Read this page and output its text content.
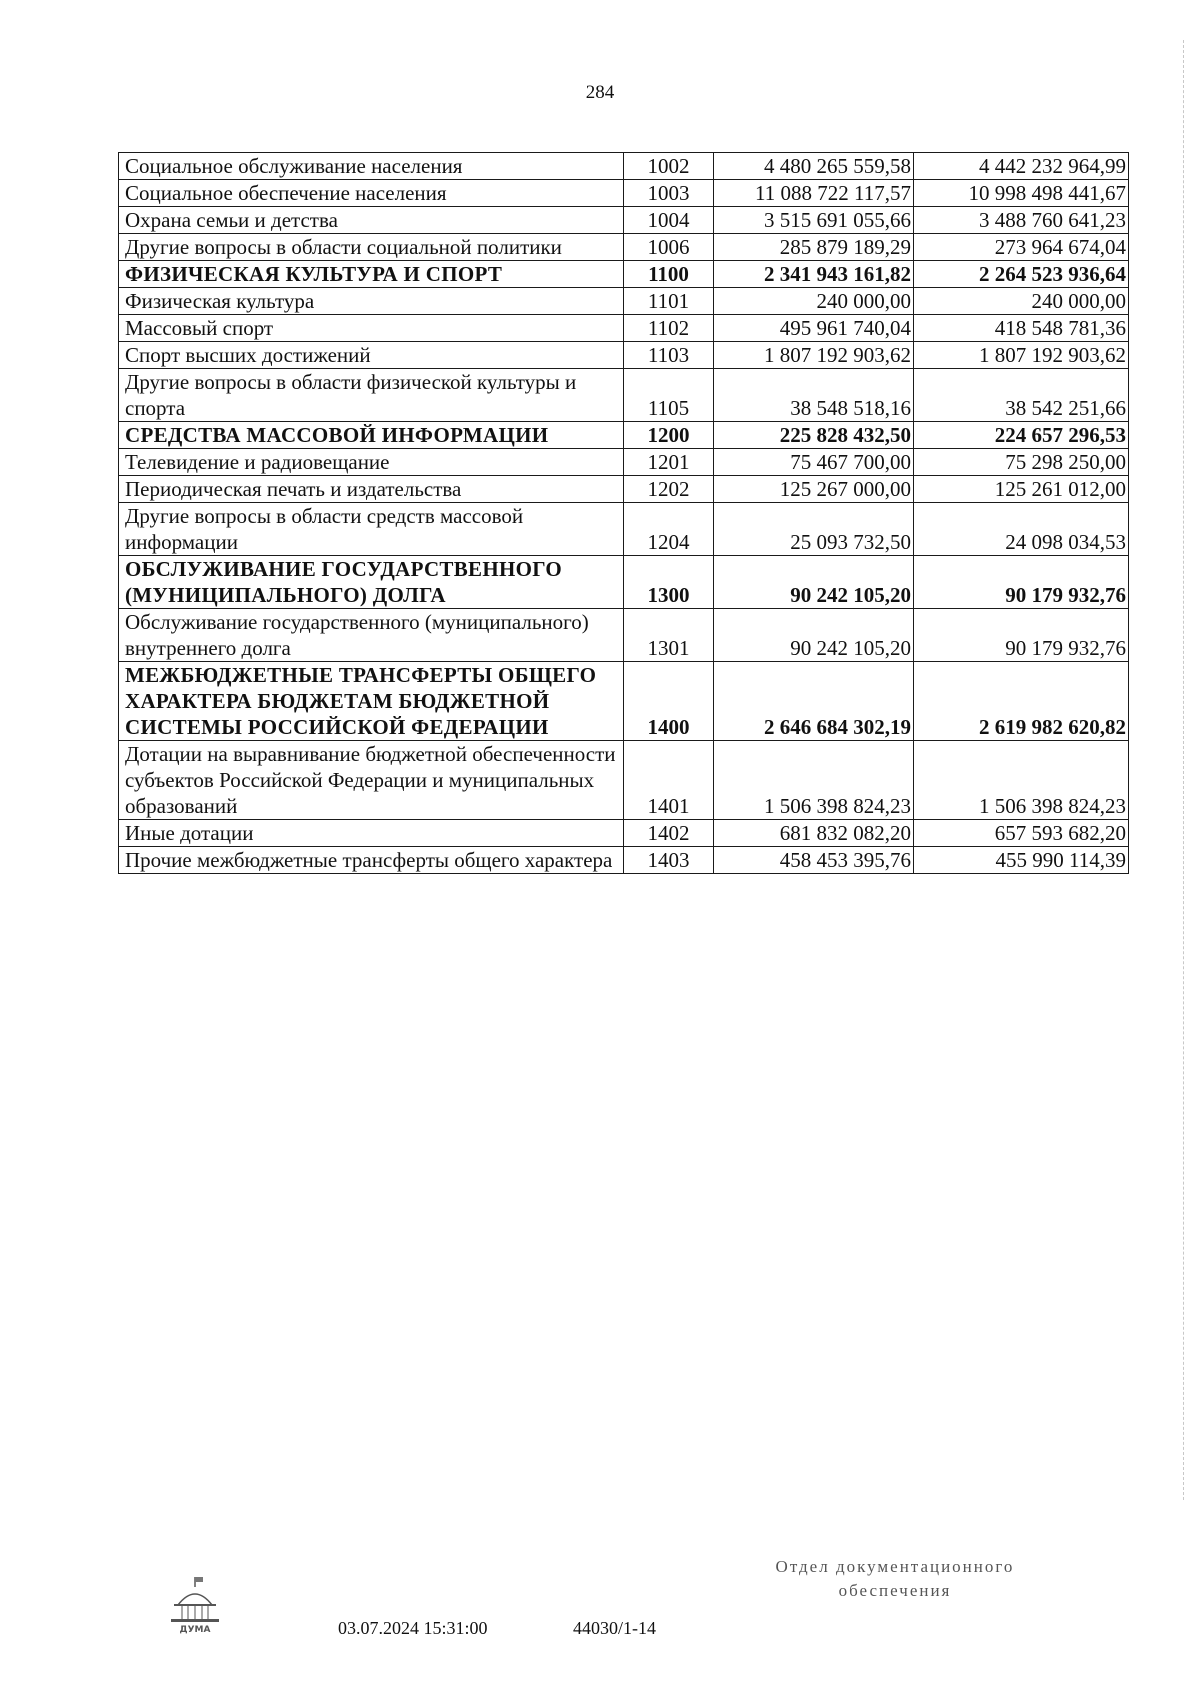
284
Социальное обслуживание населения	1002	4 480 265 559,58	4 442 232 964,99
Социальное обеспечение населения	1003	11 088 722 117,57	10 998 498 441,67
Охрана семьи и детства	1004	3 515 691 055,66	3 488 760 641,23
Другие вопросы в области социальной политики	1006	285 879 189,29	273 964 674,04
ФИЗИЧЕСКАЯ КУЛЬТУРА И СПОРТ	1100	2 341 943 161,82	2 264 523 936,64
Физическая культура	1101	240 000,00	240 000,00
Массовый спорт	1102	495 961 740,04	418 548 781,36
Спорт высших достижений	1103	1 807 192 903,62	1 807 192 903,62
Другие вопросы в области физической культуры и спорта	1105	38 548 518,16	38 542 251,66
СРЕДСТВА МАССОВОЙ ИНФОРМАЦИИ	1200	225 828 432,50	224 657 296,53
Телевидение и радиовещание	1201	75 467 700,00	75 298 250,00
Периодическая печать и издательства	1202	125 267 000,00	125 261 012,00
Другие вопросы в области средств массовой информации	1204	25 093 732,50	24 098 034,53
ОБСЛУЖИВАНИЕ ГОСУДАРСТВЕННОГО (МУНИЦИПАЛЬНОГО) ДОЛГА	1300	90 242 105,20	90 179 932,76
Обслуживание государственного (муниципального) внутреннего долга	1301	90 242 105,20	90 179 932,76
МЕЖБЮДЖЕТНЫЕ ТРАНСФЕРТЫ ОБЩЕГО ХАРАКТЕРА БЮДЖЕТАМ БЮДЖЕТНОЙ СИСТЕМЫ РОССИЙСКОЙ ФЕДЕРАЦИИ	1400	2 646 684 302,19	2 619 982 620,82
Дотации на выравнивание бюджетной обеспеченности субъектов Российской Федерации и муниципальных образований	1401	1 506 398 824,23	1 506 398 824,23
Иные дотации	1402	681 832 082,20	657 593 682,20
Прочие межбюджетные трансферты общего характера	1403	458 453 395,76	455 990 114,39
ДУМА	03.07.2024 15:31:00	44030/1-14
Отдел документационного
обеспечения
